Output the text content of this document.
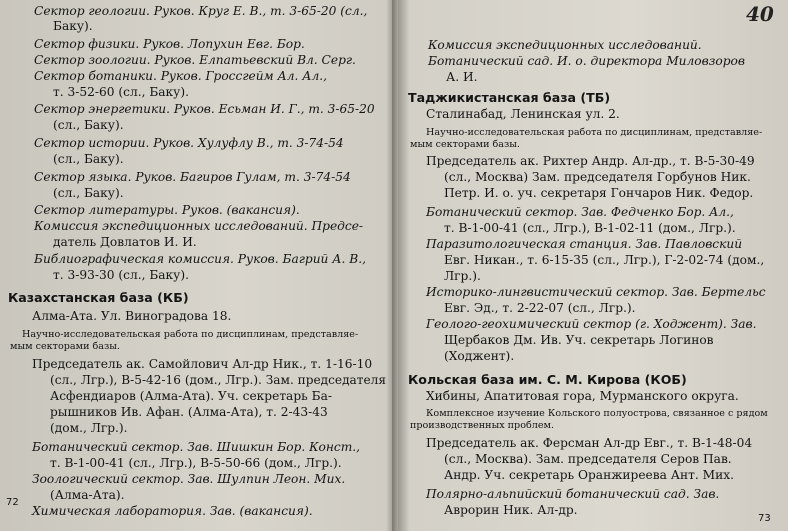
Сектор геологии. Руков. Круг Е. В., т. 3-65-20 (сл.,
Баку).
Сектор физики. Руков. Лопухин Евг. Бор.
Сектор зоологии. Руков. Елпатьевский Вл. Серг.
Сектор ботаники. Руков. Гроссгейм Ал. Ал.,
т. 3-52-60 (сл., Баку).
Сектор энергетики. Руков. Есьман И. Г., т. 3-65-20
(сл., Баку).
Сектор истории. Руков. Хулуфлу В., т. 3-74-54
(сл., Баку).
Сектор языка. Руков. Багиров Гулам, т. 3-74-54
(сл., Баку).
Сектор литературы. Руков. (вакансия).
Комиссия экспедиционных исследований. Предсе-
датель Довлатов И. И.
Библиографическая комиссия. Руков. Багрий А. В.,
т. 3-93-30 (сл., Баку).
Казахстанская база (КБ)
Алма-Ата. Ул. Виноградова 18.
Научно-исследовательская работа по дисциплинам, представляе-
мым секторами базы.
Председатель ак. Самойлович Ал-др Ник., т. 1-16-10
(сл., Лгр.), В-5-42-16 (дом., Лгр.). Зам. председателя
Асфендиаров (Алма-Ата). Уч. секретарь Ба-
рышников Ив. Афан. (Алма-Ата), т. 2-43-43
(дом., Лгр.).
Ботанический сектор. Зав. Шишкин Бор. Конст.,
т. В-1-00-41 (сл., Лгр.), В-5-50-66 (дом., Лгр.).
Зоологический сектор. Зав. Шулпин Леон. Мих.
(Алма-Ата).
Химическая лаборатория. Зав. (вакансия).
72
40
Комиссия экспедиционных исследований.
Ботанический сад. И. о. директора Миловзоров
А. И.
Таджикистанская база (ТБ)
Сталинабад, Ленинская ул. 2.
Научно-исследовательская работа по дисциплинам, представляе-
мым секторами базы.
Председатель ак. Рихтер Андр. Ал-др., т. В-5-30-49
(сл., Москва) Зам. председателя Горбунов Ник.
Петр. И. о. уч. секретаря Гончаров Ник. Федор.
Ботанический сектор. Зав. Федченко Бор. Ал.,
т. В-1-00-41 (сл., Лгр.), В-1-02-11 (дом., Лгр.).
Паразитологическая станция. Зав. Павловский
Евг. Никан., т. 6-15-35 (сл., Лгр.), Г-2-02-74 (дом.,
Лгр.).
Историко-лингвистический сектор. Зав. Бертельс
Евг. Эд., т. 2-22-07 (сл., Лгр.).
Геолого-геохимический сектор (г. Ходжент). Зав.
Щербаков Дм. Ив. Уч. секретарь Логинов
(Ходжент).
Кольская база им. С. М. Кирова (КОБ)
Хибины, Апатитовая гора, Мурманского округа.
Комплексное изучение Кольского полуострова, связанное с рядом
производственных проблем.
Председатель ак. Ферсман Ал-др Евг., т. В-1-48-04
(сл., Москва). Зам. председателя Серов Пав.
Андр. Уч. секретарь Оранжиреева Ант. Мих.
Полярно-альпийский ботанический сад. Зав.
Аврорин Ник. Ал-др.
73
